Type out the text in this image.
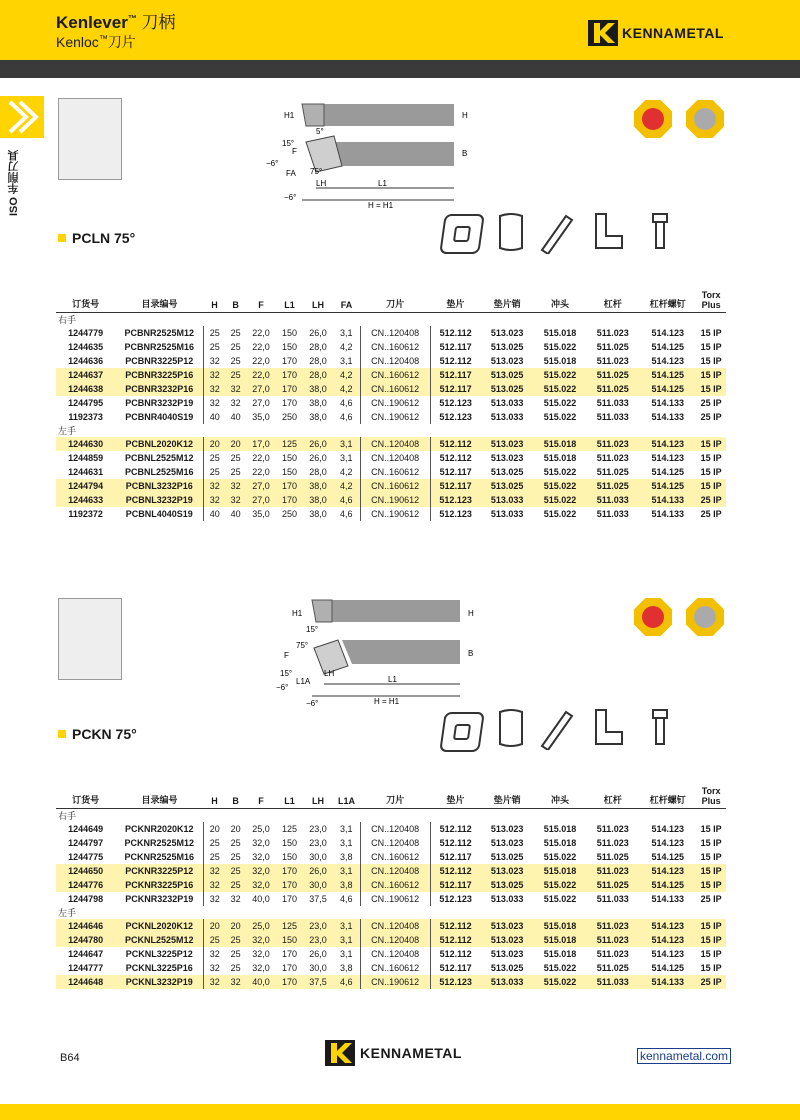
Kenlever™ 刀柄
Kenloc™刀片
KENNAMETAL
ISO 车削刀具
H1	H
5°
15°
F
−6°
FA 75°
LH	L1
H = H1
B
−6°
PCLN 75°
订货号	目录编号	H	B	F	L1	LH	FA	刀片	垫片	垫片销	冲头	杠杆	杠杆螺钉	Torx Plus
右手														
1244779	PCBNR2525M12	25	25	22,0	150	26,0	3,1	CN..120408	512.112	513.023	515.018	511.023	514.123	15 IP
1244635	PCBNR2525M16	25	25	22,0	150	28,0	4,2	CN..160612	512.117	513.025	515.022	511.025	514.125	15 IP
1244636	PCBNR3225P12	32	25	22,0	170	28,0	3,1	CN..120408	512.112	513.023	515.018	511.023	514.123	15 IP
1244637	PCBNR3225P16	32	25	22,0	170	28,0	4,2	CN..160612	512.117	513.025	515.022	511.025	514.125	15 IP
1244638	PCBNR3232P16	32	32	27,0	170	38,0	4,2	CN..160612	512.117	513.025	515.022	511.025	514.125	15 IP
1244795	PCBNR3232P19	32	32	27,0	170	38,0	4,6	CN..190612	512.123	513.033	515.022	511.033	514.133	25 IP
1192373	PCBNR4040S19	40	40	35,0	250	38,0	4,6	CN..190612	512.123	513.033	515.022	511.033	514.133	25 IP
左手														
1244630	PCBNL2020K12	20	20	17,0	125	26,0	3,1	CN..120408	512.112	513.023	515.018	511.023	514.123	15 IP
1244859	PCBNL2525M12	25	25	22,0	150	26,0	3,1	CN..120408	512.112	513.023	515.018	511.023	514.123	15 IP
1244631	PCBNL2525M16	25	25	22,0	150	28,0	4,2	CN..160612	512.117	513.025	515.022	511.025	514.125	15 IP
1244794	PCBNL3232P16	32	32	27,0	170	38,0	4,2	CN..160612	512.117	513.025	515.022	511.025	514.125	15 IP
1244633	PCBNL3232P19	32	32	27,0	170	38,0	4,6	CN..190612	512.123	513.033	515.022	511.033	514.133	25 IP
1192372	PCBNL4040S19	40	40	35,0	250	38,0	4,6	CN..190612	512.123	513.033	515.022	511.033	514.133	25 IP
H1	H
15°
75°
F
15°
−6°
LH
L1A	L1
H = H1
B
−6°
PCKN 75°
订货号	目录编号	H	B	F	L1	LH	L1A	刀片	垫片	垫片销	冲头	杠杆	杠杆螺钉	Torx Plus
右手														
1244649	PCKNR2020K12	20	20	25,0	125	23,0	3,1	CN..120408	512.112	513.023	515.018	511.023	514.123	15 IP
1244797	PCKNR2525M12	25	25	32,0	150	23,0	3,1	CN..120408	512.112	513.023	515.018	511.023	514.123	15 IP
1244775	PCKNR2525M16	25	25	32,0	150	30,0	3,8	CN..160612	512.117	513.025	515.022	511.025	514.125	15 IP
1244650	PCKNR3225P12	32	25	32,0	170	26,0	3,1	CN..120408	512.112	513.023	515.018	511.023	514.123	15 IP
1244776	PCKNR3225P16	32	25	32,0	170	30,0	3,8	CN..160612	512.117	513.025	515.022	511.025	514.125	15 IP
1244798	PCKNR3232P19	32	32	40,0	170	37,5	4,6	CN..190612	512.123	513.033	515.022	511.033	514.133	25 IP
左手														
1244646	PCKNL2020K12	20	20	25,0	125	23,0	3,1	CN..120408	512.112	513.023	515.018	511.023	514.123	15 IP
1244780	PCKNL2525M12	25	25	32,0	150	23,0	3,1	CN..120408	512.112	513.023	515.018	511.023	514.123	15 IP
1244647	PCKNL3225P12	32	25	32,0	170	26,0	3,1	CN..120408	512.112	513.023	515.018	511.023	514.123	15 IP
1244777	PCKNL3225P16	32	25	32,0	170	30,0	3,8	CN..160612	512.117	513.025	515.022	511.025	514.125	15 IP
1244648	PCKNL3232P19	32	32	40,0	170	37,5	4,6	CN..190612	512.123	513.033	515.022	511.033	514.133	25 IP
B64	KENNAMETAL	kennametal.com
